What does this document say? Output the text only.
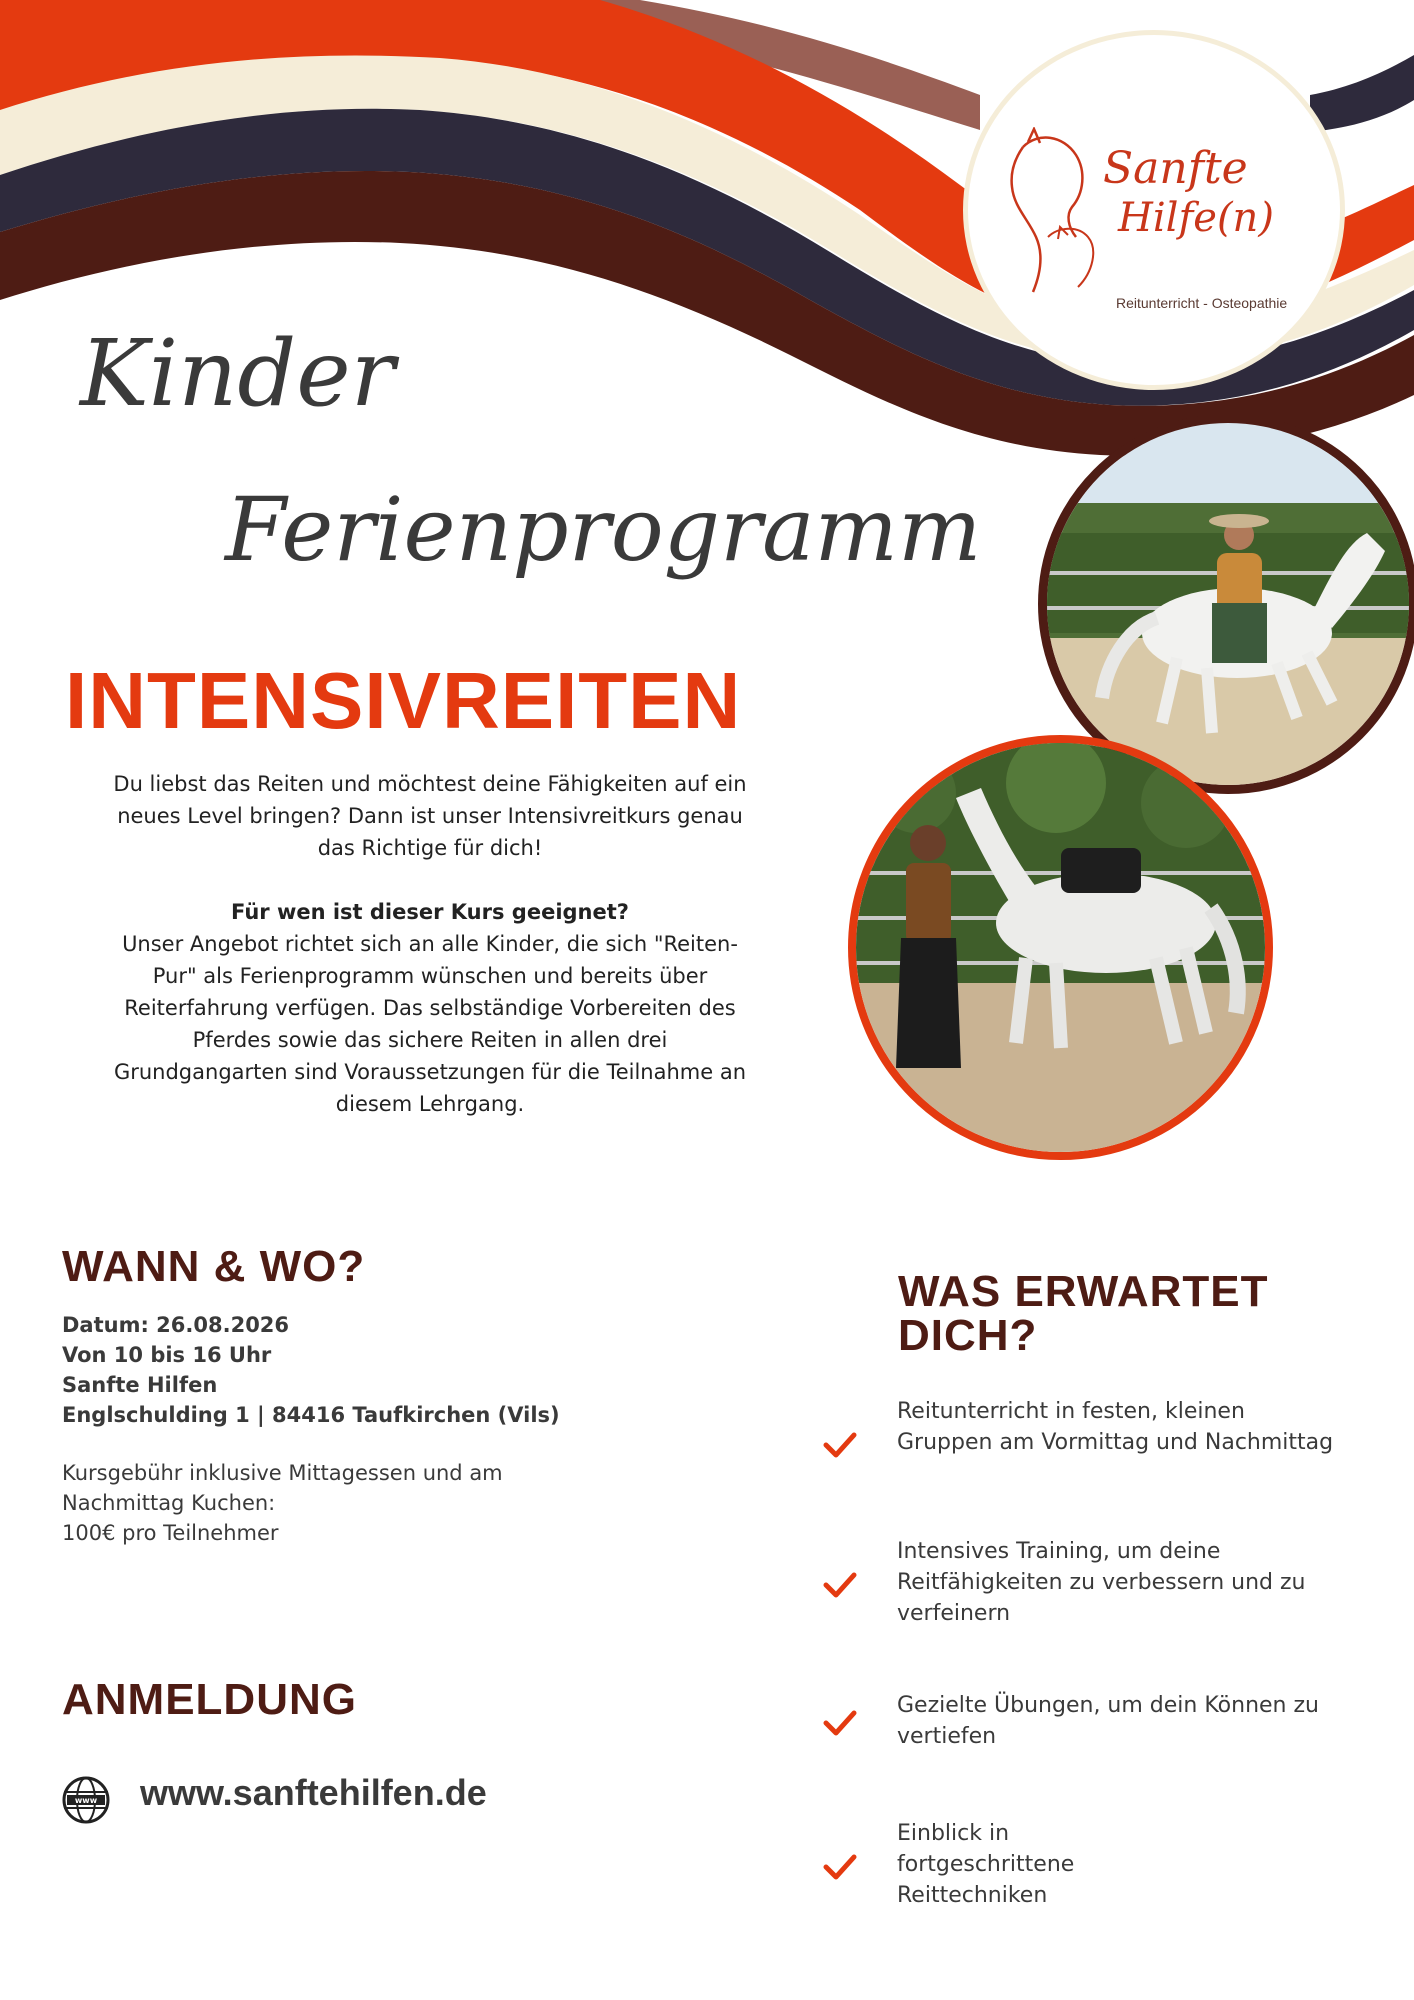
Sanfte
Hilfe(n)
Reitunterricht - Osteopathie
Kinder
Ferienprogramm
INTENSIVREITEN

Du liebst das Reiten und möchtest deine Fähigkeiten auf ein neues Level bringen? Dann ist unser Intensivreitkurs genau das Richtige für dich!

Für wen ist dieser Kurs geeignet?

Unser Angebot richtet sich an alle Kinder, die sich "Reiten-Pur" als Ferienprogramm wünschen und bereits über Reiterfahrung verfügen. Das selbständige Vorbereiten des Pferdes sowie das sichere Reiten in allen drei Grundgangarten sind Voraussetzungen für die Teilnahme an diesem Lehrgang.

WANN & WO?

Datum: 26.08.2026

Von 10 bis 16 Uhr

Sanfte Hilfen

Englschulding 1 | 84416 Taufkirchen (Vils)

Kursgebühr inklusive Mittagessen und am Nachmittag Kuchen:

100€ pro Teilnehmer

ANMELDUNG
www www.sanftehilfen.de
WAS ERWARTET DICH?

Reitunterricht in festen, kleinen Gruppen am Vormittag und Nachmittag

Intensives Training, um deine Reitfähigkeiten zu verbessern und zu verfeinern

Gezielte Übungen, um dein Können zu vertiefen

Einblick in fortgeschrittene Reittechniken
